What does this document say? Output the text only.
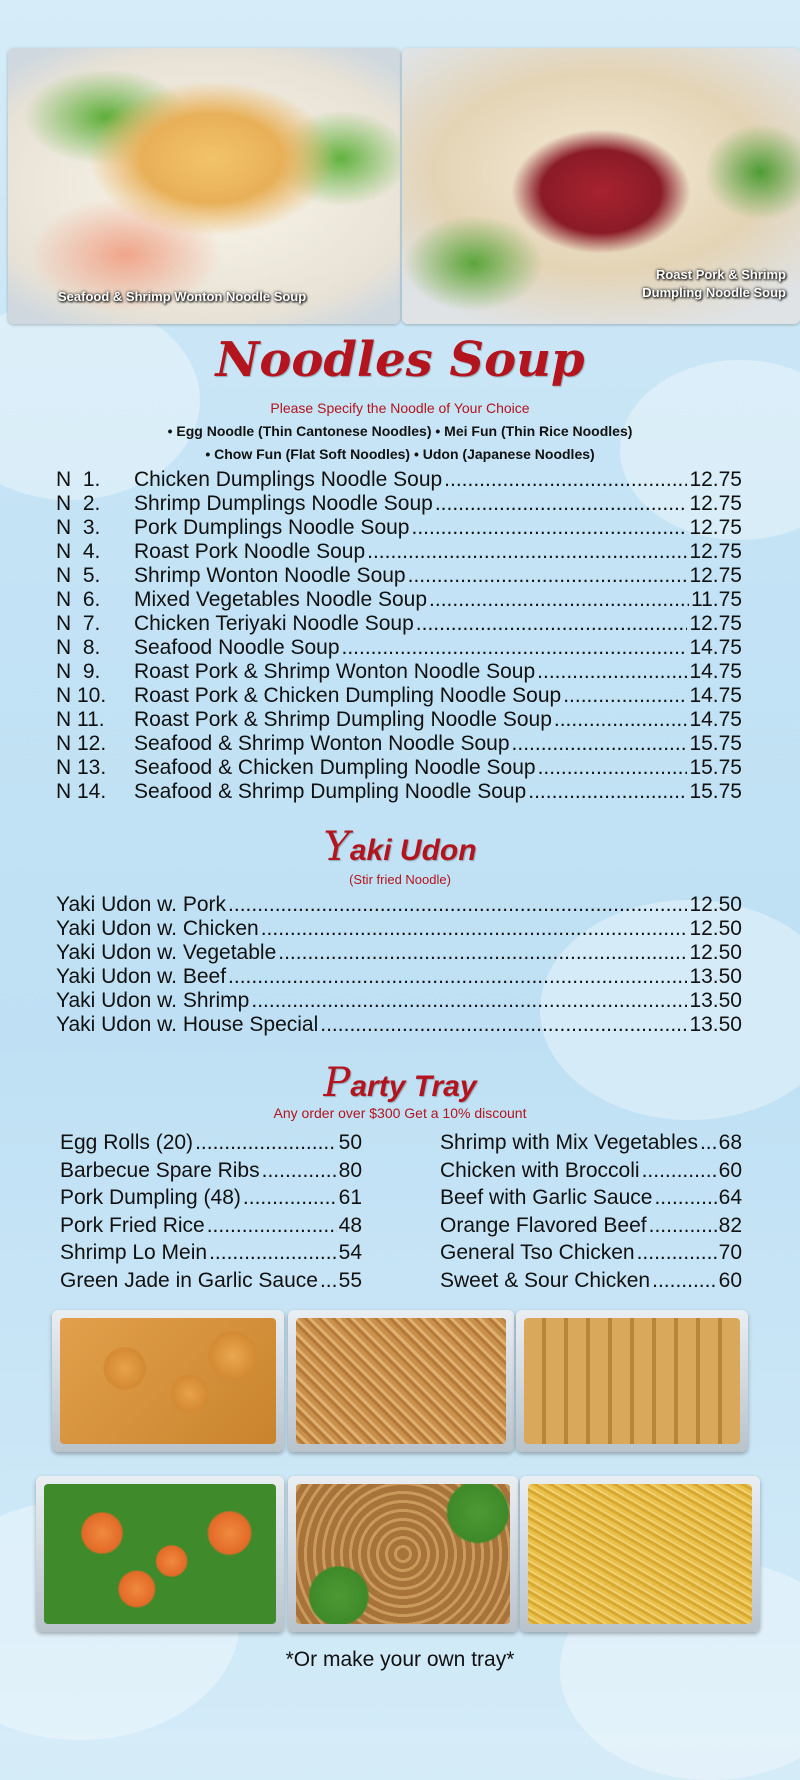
Seafood & Shrimp Wonton Noodle Soup
Roast Pork & Shrimp
Dumpling Noodle Soup
Noodles Soup
Please Specify the Noodle of Your Choice
• Egg Noodle (Thin Cantonese Noodles) • Mei Fun (Thin Rice Noodles)
• Chow Fun (Flat Soft Noodles) • Udon (Japanese Noodles)
N  1.	Chicken Dumplings Noodle Soup .....	12.75
N  2.	Shrimp Dumplings Noodle Soup .....	12.75
N  3.	Pork Dumplings Noodle Soup .....	12.75
N  4.	Roast Pork Noodle Soup .....	12.75
N  5.	Shrimp Wonton Noodle Soup .....	12.75
N  6.	Mixed Vegetables Noodle Soup .....	11.75
N  7.	Chicken Teriyaki Noodle Soup .....	12.75
N  8.	Seafood Noodle Soup .....	14.75
N  9.	Roast Pork & Shrimp Wonton Noodle Soup .....	14.75
N 10.	Roast Pork & Chicken Dumpling Noodle Soup .....	14.75
N 11.	Roast Pork & Shrimp Dumpling Noodle Soup .....	14.75
N 12.	Seafood & Shrimp Wonton Noodle Soup .....	15.75
N 13.	Seafood & Chicken Dumpling Noodle Soup .....	15.75
N 14.	Seafood & Shrimp Dumpling Noodle Soup .....	15.75
Yaki Udon
(Stir fried Noodle)
Yaki Udon w. Pork .....	12.50
Yaki Udon w. Chicken .....	12.50
Yaki Udon w. Vegetable .....	12.50
Yaki Udon w. Beef .....	13.50
Yaki Udon w. Shrimp .....	13.50
Yaki Udon w. House Special .....	13.50
Party Tray
Any order over $300 Get a 10% discount
Egg Rolls (20) .....	50
Barbecue Spare Ribs .....	80
Pork Dumpling (48) .....	61
Pork Fried Rice .....	48
Shrimp Lo Mein .....	54
Green Jade in Garlic Sauce ..... 55
Shrimp with Mix Vegetables ..... 68
Chicken with Broccoli .....	60
Beef with Garlic Sauce .....	64
Orange Flavored Beef .....	82
General Tso Chicken .....	70
Sweet & Sour Chicken .....	60
*Or make your own tray*
